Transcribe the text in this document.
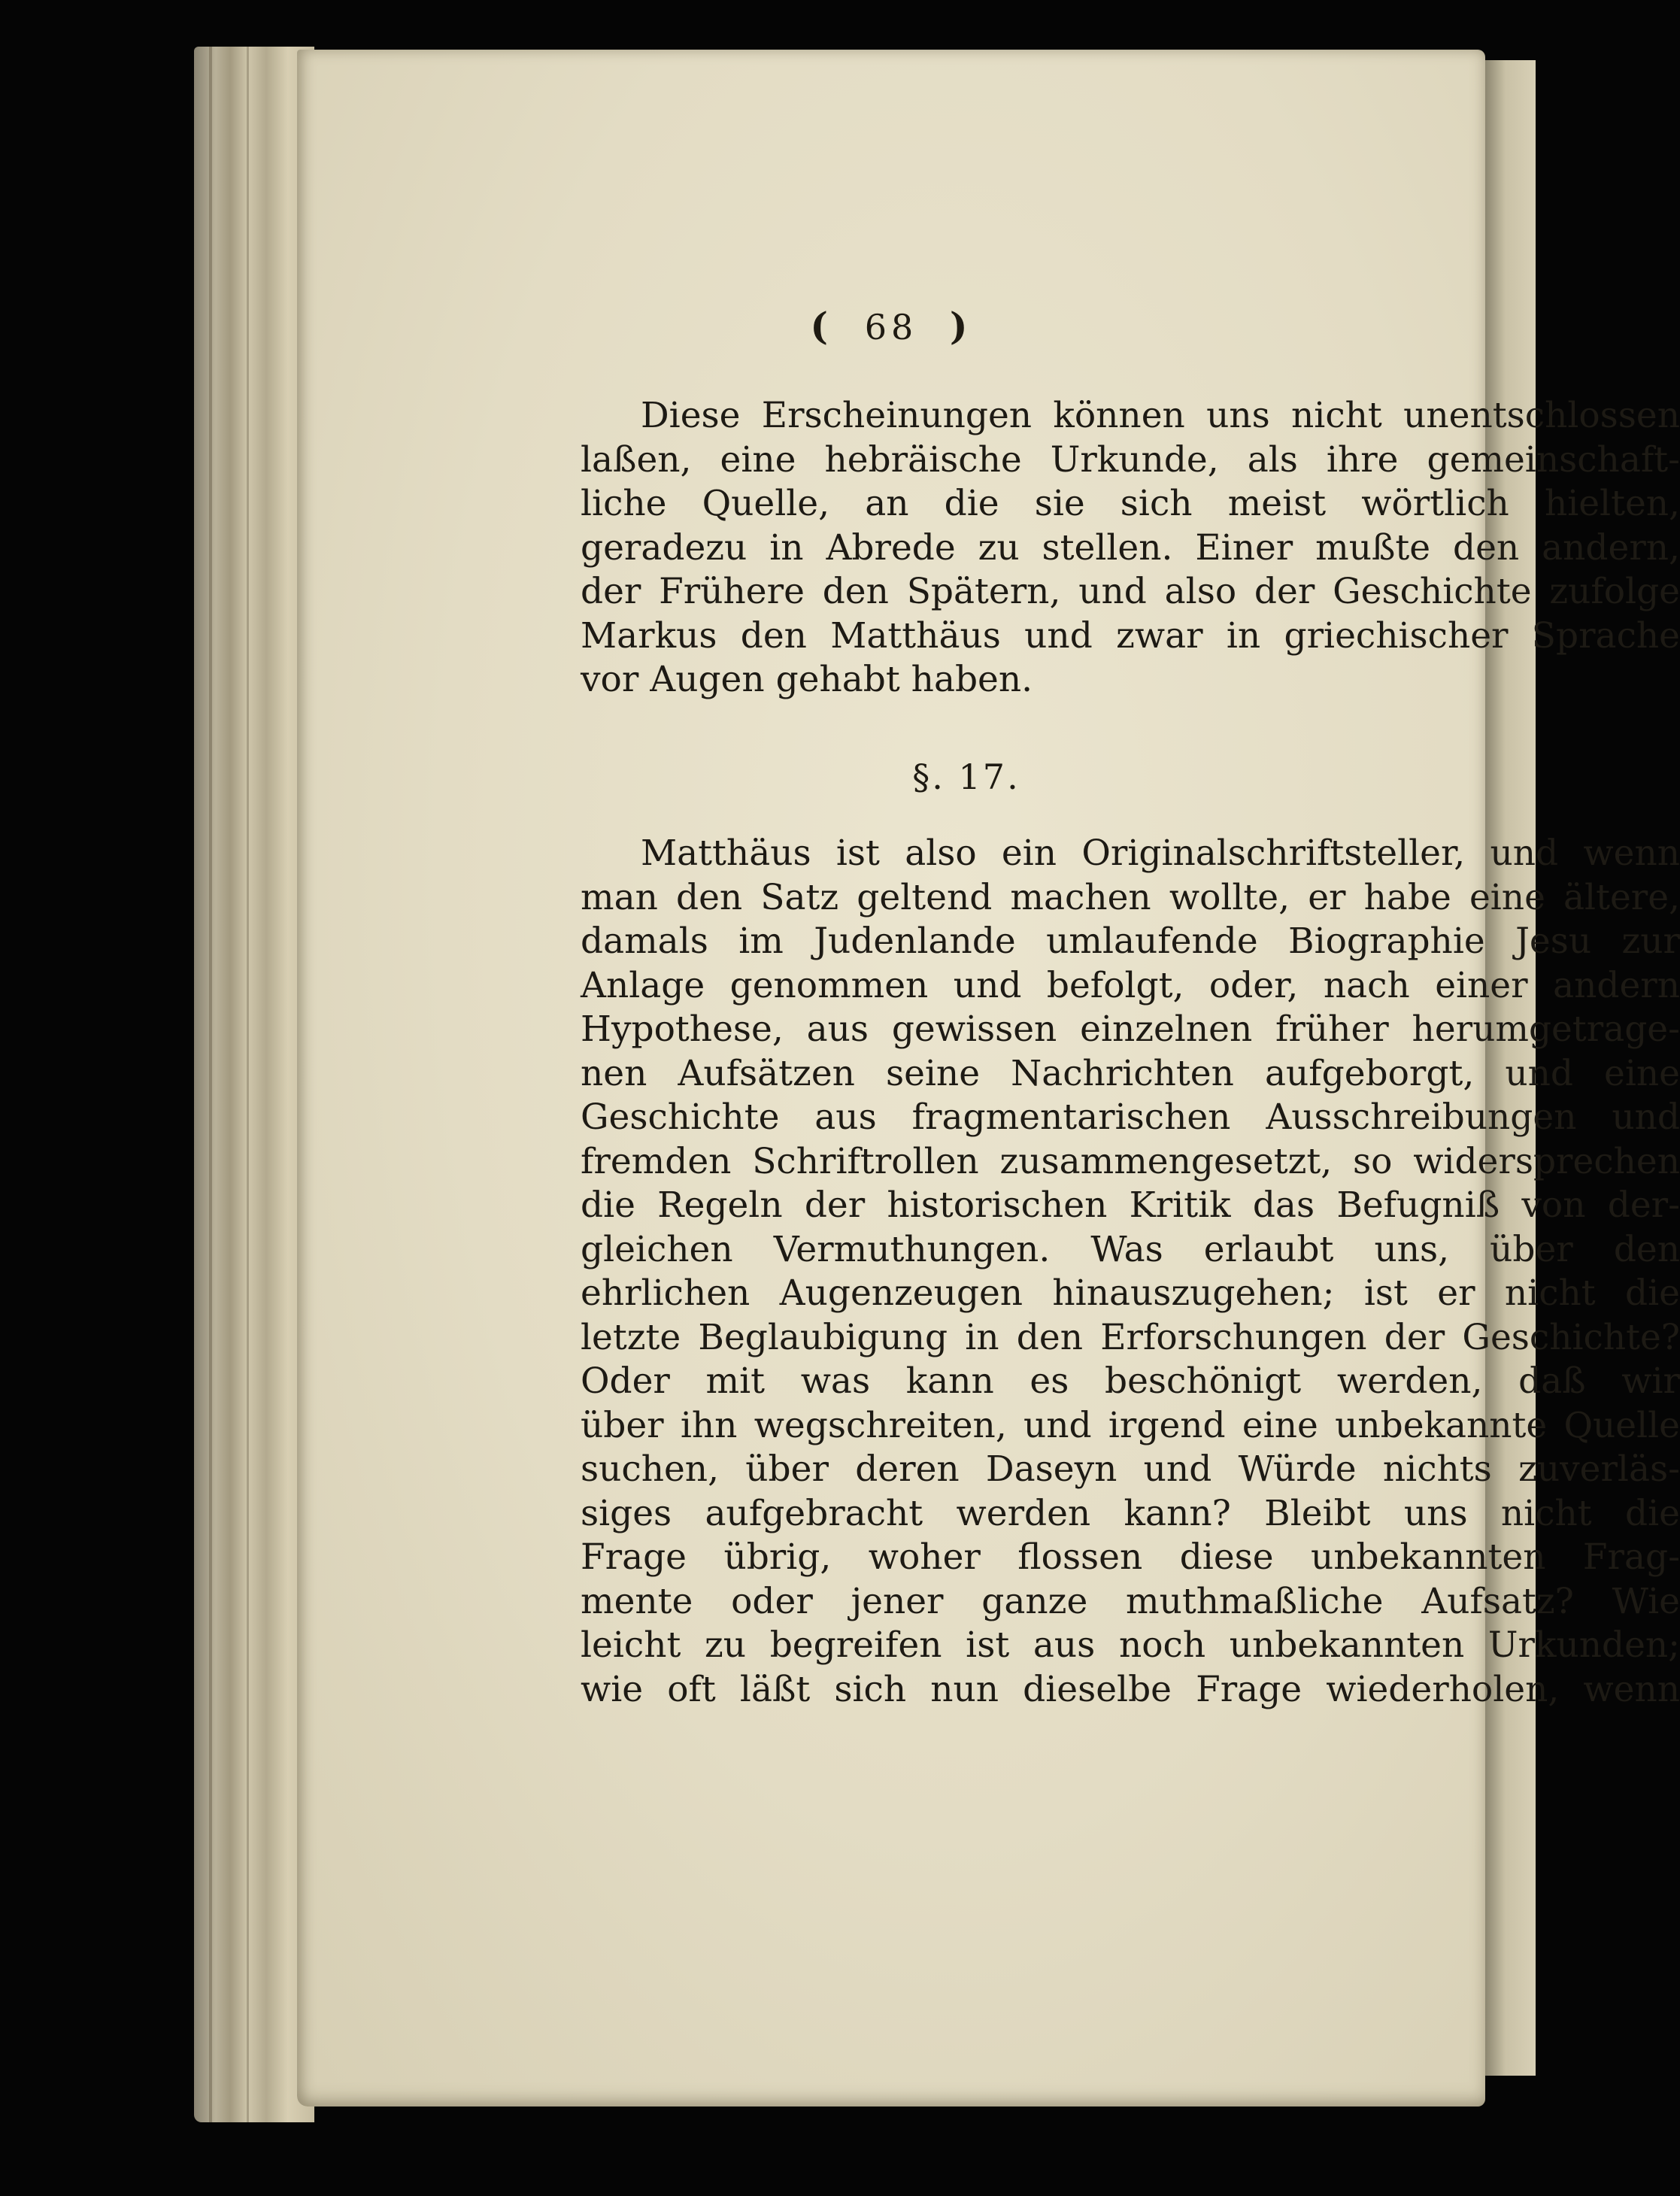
( 68 )
Diese Erscheinungen können uns nicht unentschlossen
laßen, eine hebräische Urkunde, als ihre gemeinschaft-
liche Quelle, an die sie sich meist wörtlich hielten,
geradezu in Abrede zu stellen. Einer mußte den andern,
der Frühere den Spätern, und also der Geschichte zufolge
Markus den Matthäus und zwar in griechischer Sprache
vor Augen gehabt haben.
§. 17.
Matthäus ist also ein Originalschriftsteller, und wenn
man den Satz geltend machen wollte, er habe eine ältere,
damals im Judenlande umlaufende Biographie Jesu zur
Anlage genommen und befolgt, oder, nach einer andern
Hypothese, aus gewissen einzelnen früher herumgetrage-
nen Aufsätzen seine Nachrichten aufgeborgt, und eine
Geschichte aus fragmentarischen Ausschreibungen und
fremden Schriftrollen zusammengesetzt, so widersprechen
die Regeln der historischen Kritik das Befugniß von der-
gleichen Vermuthungen. Was erlaubt uns, über den
ehrlichen Augenzeugen hinauszugehen; ist er nicht die
letzte Beglaubigung in den Erforschungen der Geschichte?
Oder mit was kann es beschönigt werden, daß wir
über ihn wegschreiten, und irgend eine unbekannte Quelle
suchen, über deren Daseyn und Würde nichts zuverläs-
siges aufgebracht werden kann? Bleibt uns nicht die
Frage übrig, woher flossen diese unbekannten Frag-
mente oder jener ganze muthmaßliche Aufsatz? Wie
leicht zu begreifen ist aus noch unbekannten Urkunden;
wie oft läßt sich nun dieselbe Frage wiederholen, wenn
